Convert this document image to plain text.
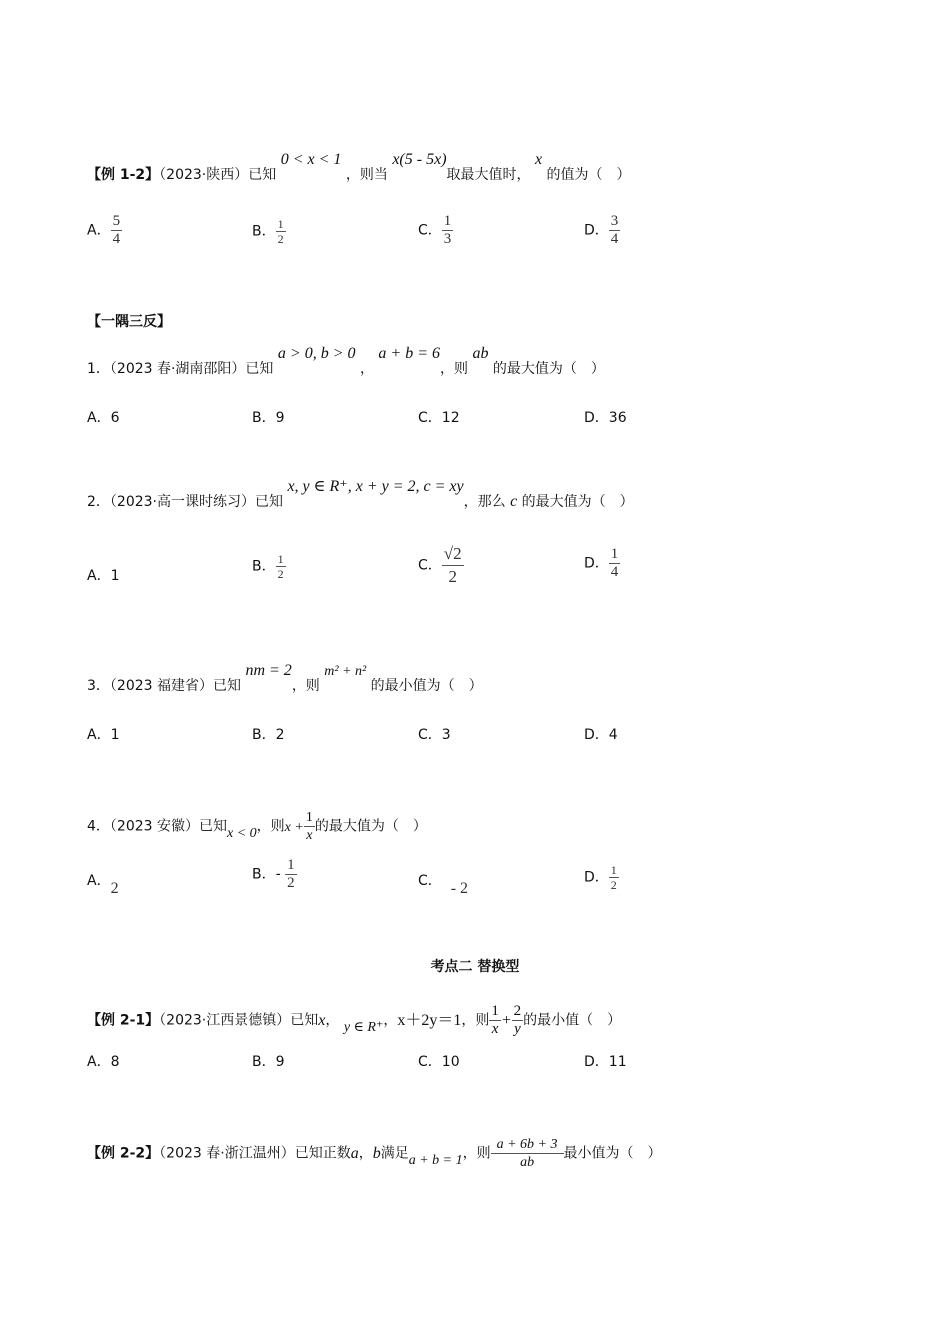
【例 1-2】（2023·陕西）已知 0 < x < 1 ，则当 x(5 - 5x)取最大值时， x 的值为（　）
A． $\frac{5}{4}$	B． $\frac{1}{2}$	C． $\frac{1}{3}$	D． $\frac{3}{4}$
【一隅三反】
1．（2023 春·湖南邵阳）已知 a > 0, b > 0 ， a + b = 6，则 ab 的最大值为（　）
A．6	B．9	C．12	D．36
2．（2023·高一课时练习）已知 x, y ∈ R⁺, x + y = 2, c = xy，那么 c 的最大值为（　）
A．1
B． $\frac{1}{2}$	C． $\frac{√2}{2}$	D． $\frac{1}{4}$
3．（2023 福建省）已知 nm = 2，则 m² + n² 的最小值为（　）
A．1	B．2	C．3	D．4
4．（2023 安徽）已知x < 0，则$x + \frac{1}{x}$ 的最大值为（　）
A．2
B．- $\frac{1}{2}$	C． - 2
D． $\frac{1}{2}$
考点二 替换型
【例 2-1】（2023·江西景德镇）已知x， y ∈ R⁺，x＋2y＝1，则 $\frac{1}{x} + \frac{2}{y}$ 的最小值（　）
A．8	B．9	C．10	D．11
【例 2-2】（2023 春·浙江温州）已知正数a，b满足a + b = 1，则 $\frac{a + 6b + 3}{ab}$ 最小值为（　）
